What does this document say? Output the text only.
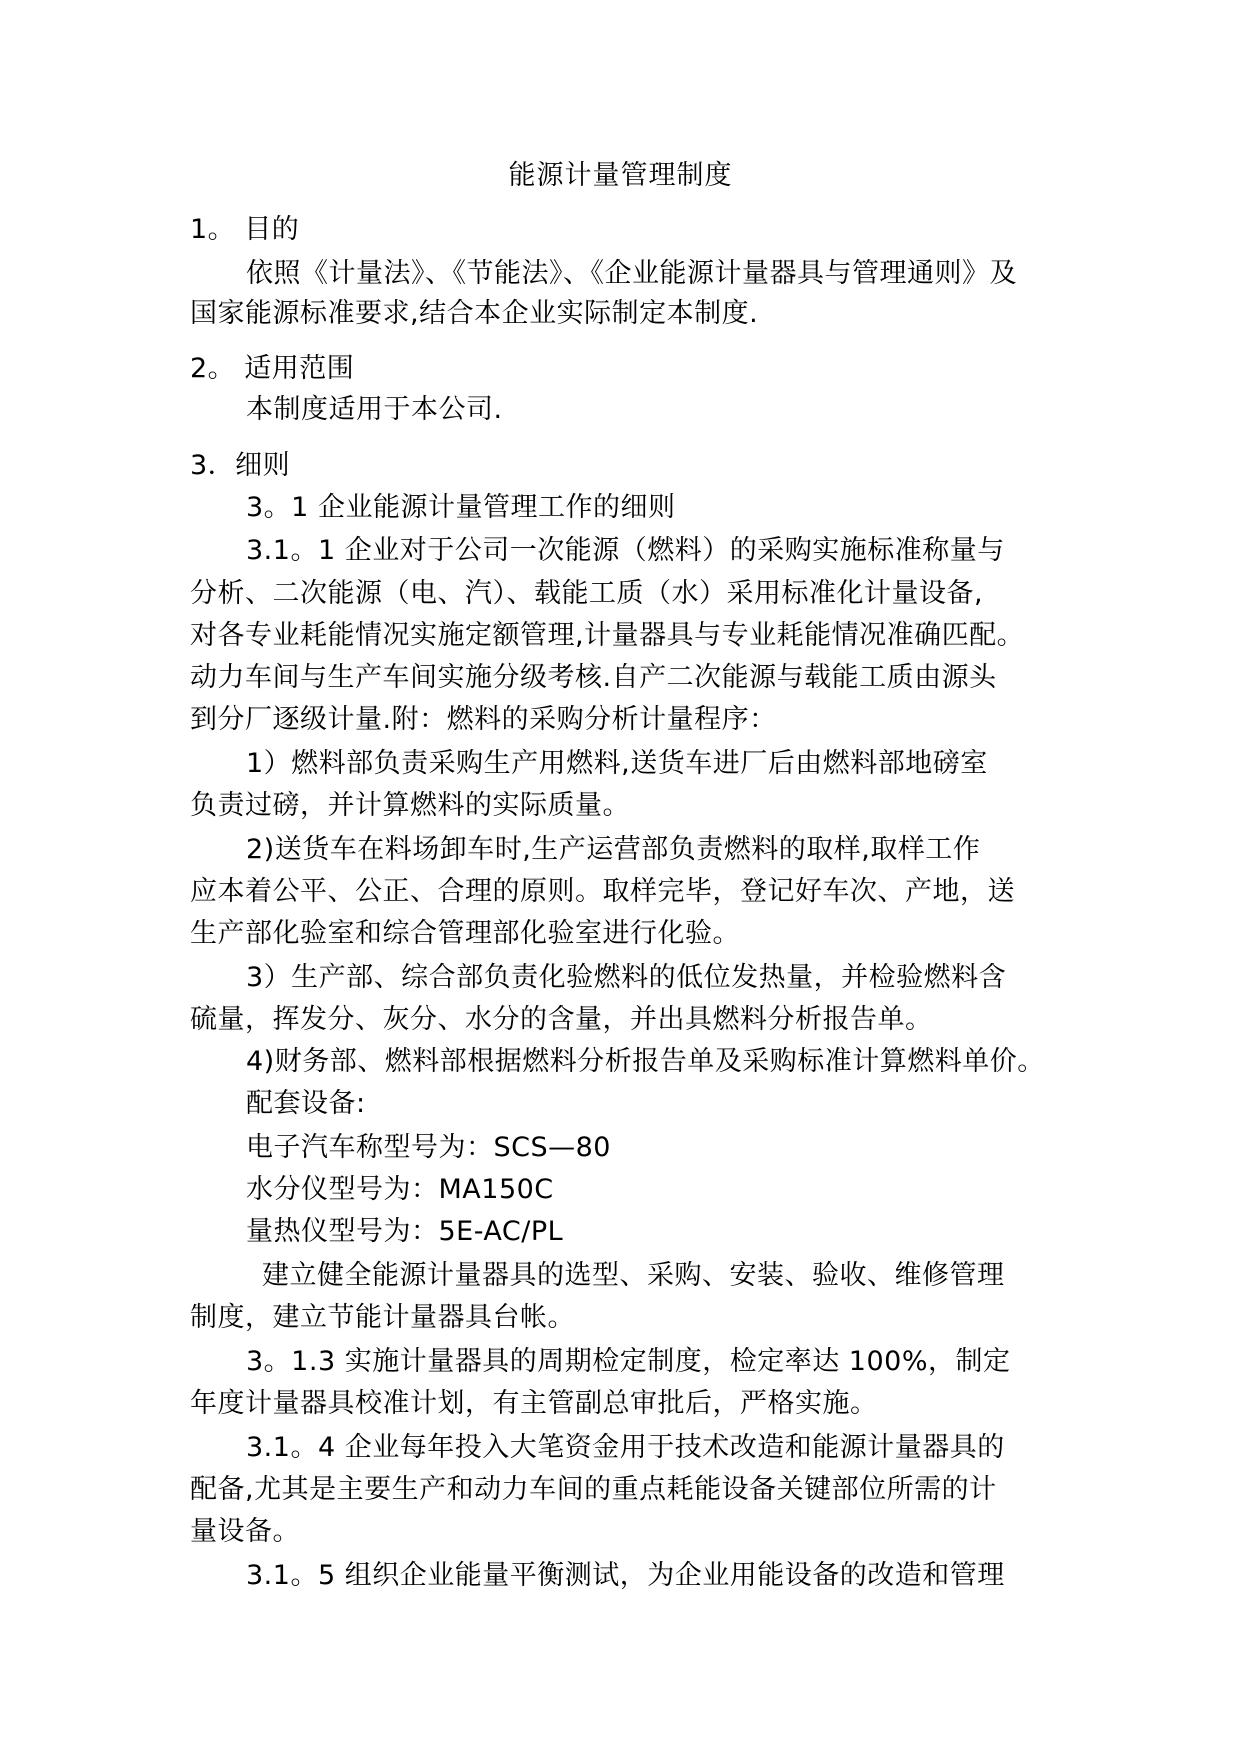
能源计量管理制度
1。 目的
依照《计量法》、《节能法》、《企业能源计量器具与管理通则》及
国家能源标准要求,结合本企业实际制定本制度.
2。 适用范围
本制度适用于本公司.
3．细则
3。1 企业能源计量管理工作的细则
3.1。1 企业对于公司一次能源（燃料）的采购实施标准称量与
分析、二次能源（电、汽）、载能工质（水）采用标准化计量设备,
对各专业耗能情况实施定额管理,计量器具与专业耗能情况准确匹配。
动力车间与生产车间实施分级考核.自产二次能源与载能工质由源头
到分厂逐级计量.附：燃料的采购分析计量程序：
1）燃料部负责采购生产用燃料,送货车进厂后由燃料部地磅室
负责过磅，并计算燃料的实际质量。
2)送货车在料场卸车时,生产运营部负责燃料的取样,取样工作
应本着公平、公正、合理的原则。取样完毕，登记好车次、产地，送
生产部化验室和综合管理部化验室进行化验。
3）生产部、综合部负责化验燃料的低位发热量，并检验燃料含
硫量，挥发分、灰分、水分的含量，并出具燃料分析报告单。
4)财务部、燃料部根据燃料分析报告单及采购标准计算燃料单价。
配套设备:
电子汽车称型号为：SCS—80
水分仪型号为：MA150C
量热仪型号为：5E-AC/PL
建立健全能源计量器具的选型、采购、安装、验收、维修管理
制度，建立节能计量器具台帐。
3。1.3 实施计量器具的周期检定制度，检定率达 100%，制定
年度计量器具校准计划，有主管副总审批后，严格实施。
3.1。4 企业每年投入大笔资金用于技术改造和能源计量器具的
配备,尤其是主要生产和动力车间的重点耗能设备关键部位所需的计
量设备。
3.1。5 组织企业能量平衡测试，为企业用能设备的改造和管理
